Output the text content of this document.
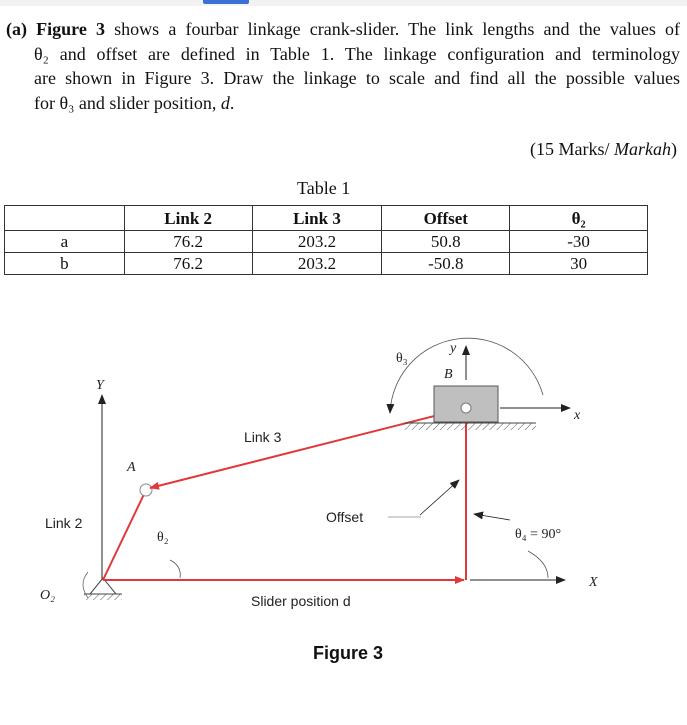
(a) Figure 3 shows a fourbar linkage crank-slider. The link lengths and the values of
θ₂ and offset are defined in Table 1. The linkage configuration and terminology
are shown in Figure 3. Draw the linkage to scale and find all the possible values
for θ₃ and slider position, d.
(15 Marks/ Markah)
Table 1
	Link 2	Link 3	Offset	θ₂
a	76.2	203.2	50.8	-30
b	76.2	203.2	-50.8	30
Y
X
O₂
Link 2
A
θ₂
Link 3
Slider position d
Offset
B
y
x
θ₃
θ₄ = 90°
Figure 3
